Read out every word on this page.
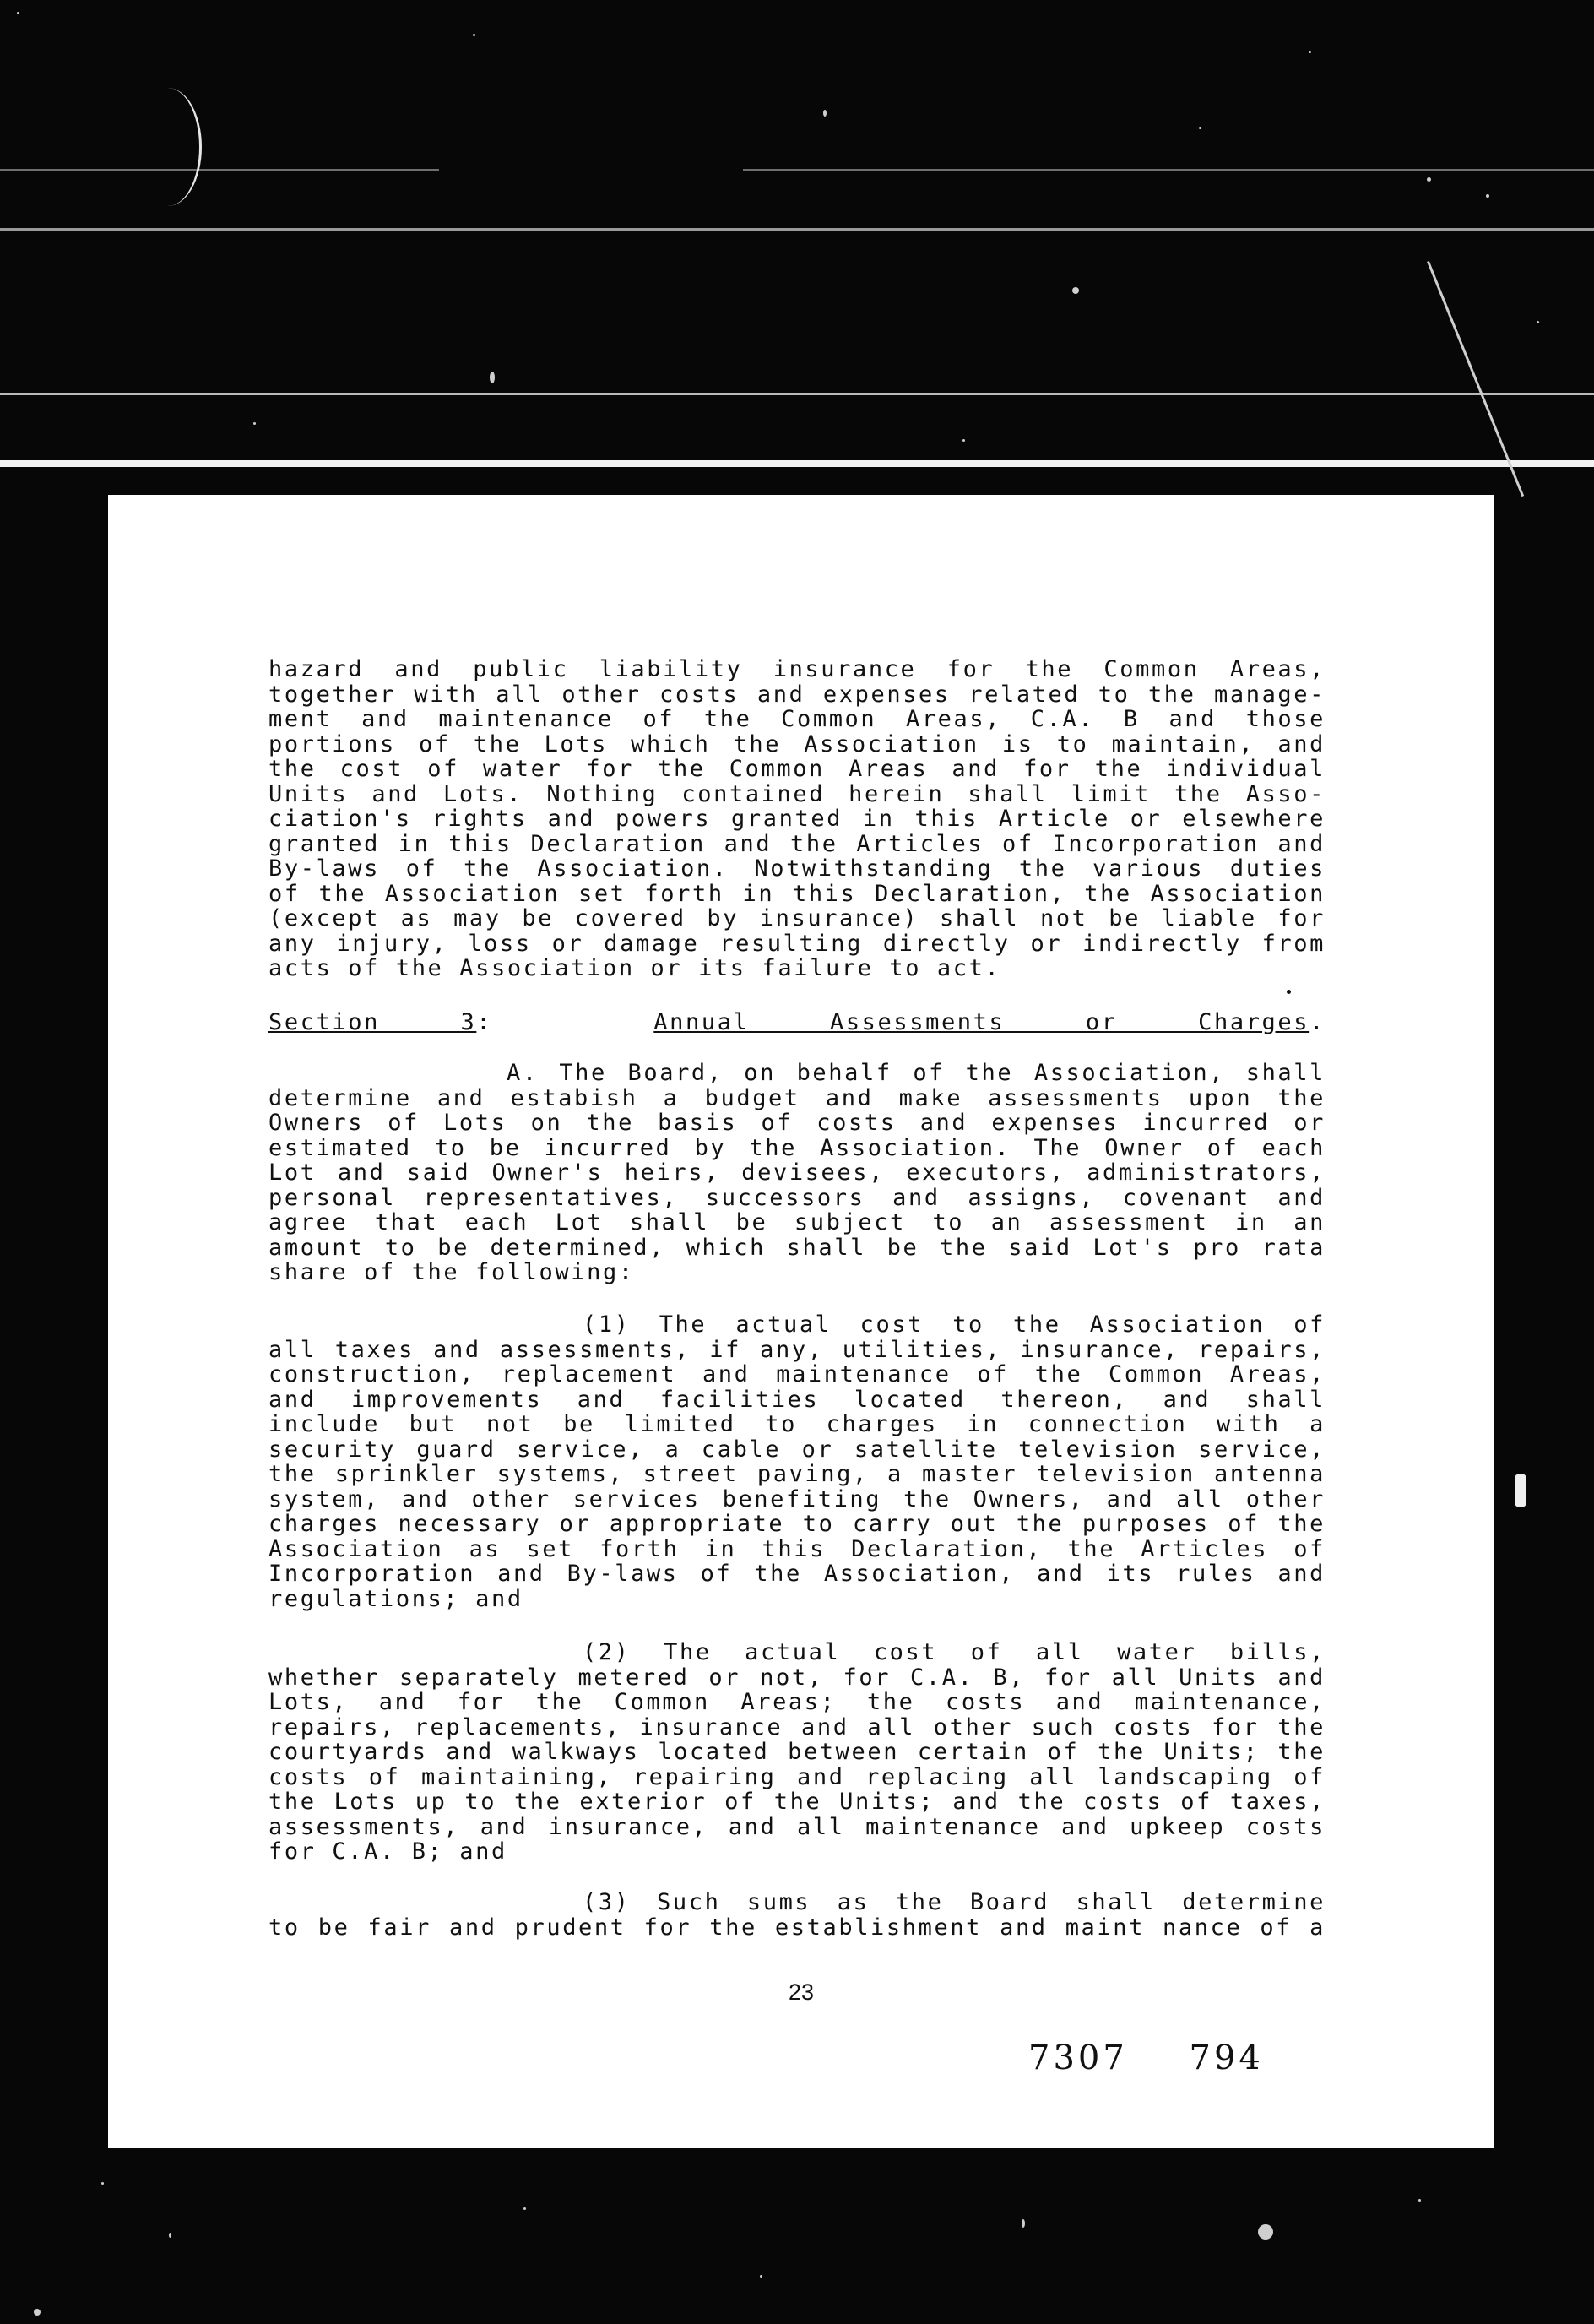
hazard and public liability insurance for the Common Areas,
together with all other costs and expenses related to the manage-
ment and maintenance of the Common Areas, C.A. B and those
portions of the Lots which the Association is to maintain, and
the cost of water for the Common Areas and for the individual
Units and Lots. Nothing contained herein shall limit the Asso-
ciation's rights and powers granted in this Article or elsewhere
granted in this Declaration and the Articles of Incorporation and
By-laws of the Association. Notwithstanding the various duties
of the Association set forth in this Declaration, the Association
(except as may be covered by insurance) shall not be liable for
any injury, loss or damage resulting directly or indirectly from
acts of the Association or its failure to act.
Section 3:	Annual Assessments or Charges.
A. The Board, on behalf of the Association, shall
determine and estabish a budget and make assessments upon the
Owners of Lots on the basis of costs and expenses incurred or
estimated to be incurred by the Association. The Owner of each
Lot and said Owner's heirs, devisees, executors, administrators,
personal representatives, successors and assigns, covenant and
agree that each Lot shall be subject to an assessment in an
amount to be determined, which shall be the said Lot's pro rata
share of the following:
(1) The actual cost to the Association of
all taxes and assessments, if any, utilities, insurance, repairs,
construction, replacement and maintenance of the Common Areas,
and improvements and facilities located thereon, and shall
include but not be limited to charges in connection with a
security guard service, a cable or satellite television service,
the sprinkler systems, street paving, a master television antenna
system, and other services benefiting the Owners, and all other
charges necessary or appropriate to carry out the purposes of the
Association as set forth in this Declaration, the Articles of
Incorporation and By-laws of the Association, and its rules and
regulations; and
(2) The actual cost of all water bills,
whether separately metered or not, for C.A. B, for all Units and
Lots, and for the Common Areas; the costs and maintenance,
repairs, replacements, insurance and all other such costs for the
courtyards and walkways located between certain of the Units; the
costs of maintaining, repairing and replacing all landscaping of
the Lots up to the exterior of the Units; and the costs of taxes,
assessments, and insurance, and all maintenance and upkeep costs
for C.A. B; and
(3) Such sums as the Board shall determine
to be fair and prudent for the establishment and maint nance of a
23
7307 794
